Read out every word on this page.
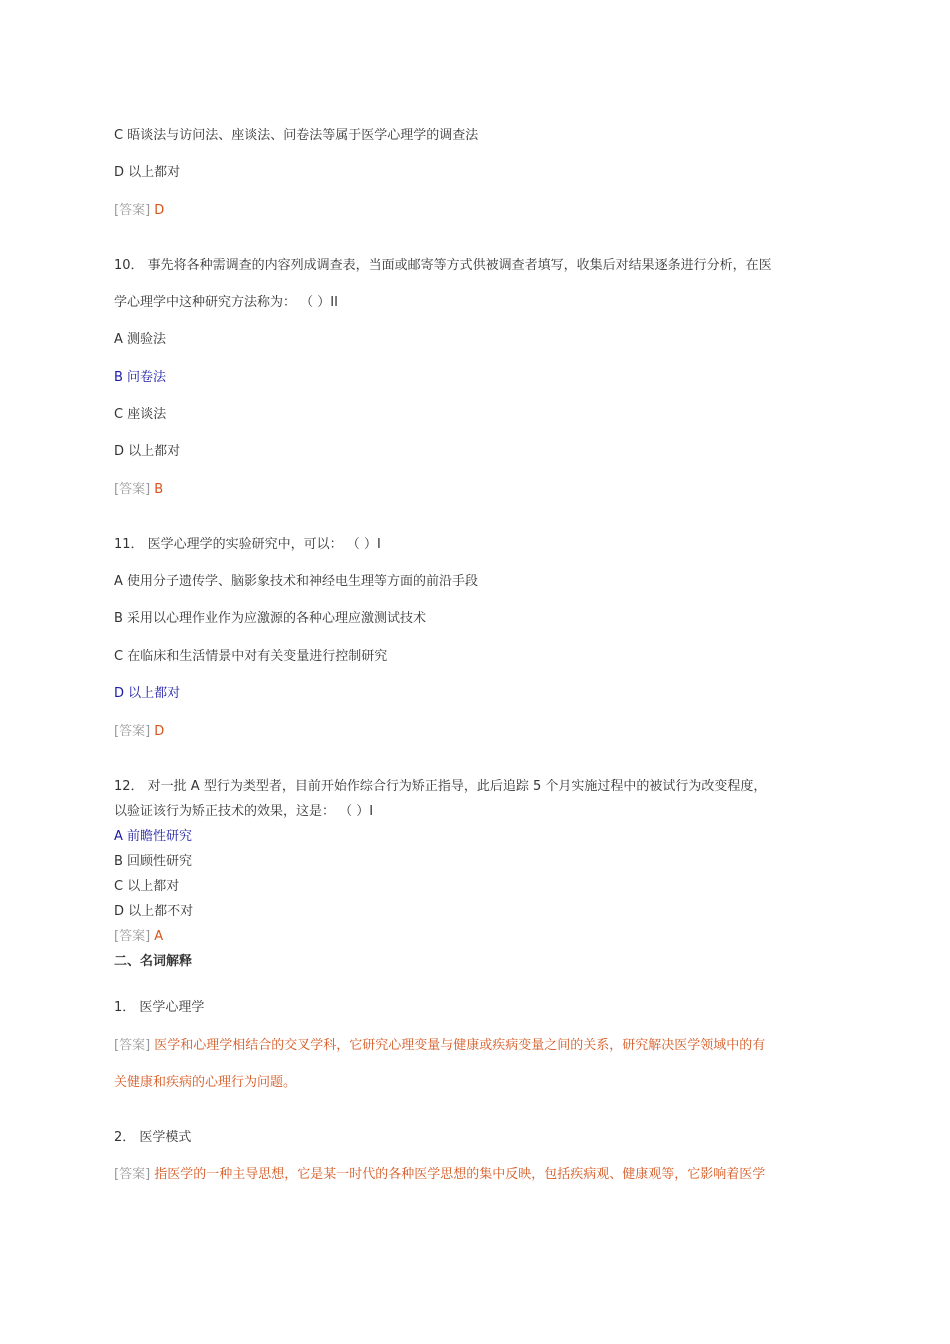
C 晤谈法与访问法、座谈法、问卷法等属于医学心理学的调查法
D 以上都对
[答案] D
10． 事先将各种需调查的内容列成调查表，当面或邮寄等方式供被调查者填写，收集后对结果逐条进行分析，在医
学心理学中这种研究方法称为： （ ）II
A 测验法
B 问卷法
C 座谈法
D 以上都对
[答案] B
11． 医学心理学的实验研究中，可以： （ ）I
A 使用分子遗传学、脑影象技术和神经电生理等方面的前沿手段
B 采用以心理作业作为应激源的各种心理应激测试技术
C 在临床和生活情景中对有关变量进行控制研究
D 以上都对
[答案] D
12． 对一批 A 型行为类型者，目前开始作综合行为矫正指导，此后追踪 5 个月实施过程中的被试行为改变程度，
以验证该行为矫正技术的效果，这是： （ ）I
A 前瞻性研究
B 回顾性研究
C 以上都对
D 以上都不对
[答案] A
二、名词解释
1． 医学心理学
[答案] 医学和心理学相结合的交叉学科，它研究心理变量与健康或疾病变量之间的关系，研究解决医学领域中的有
关健康和疾病的心理行为问题。
2． 医学模式
[答案] 指医学的一种主导思想，它是某一时代的各种医学思想的集中反映，包括疾病观、健康观等，它影响着医学
